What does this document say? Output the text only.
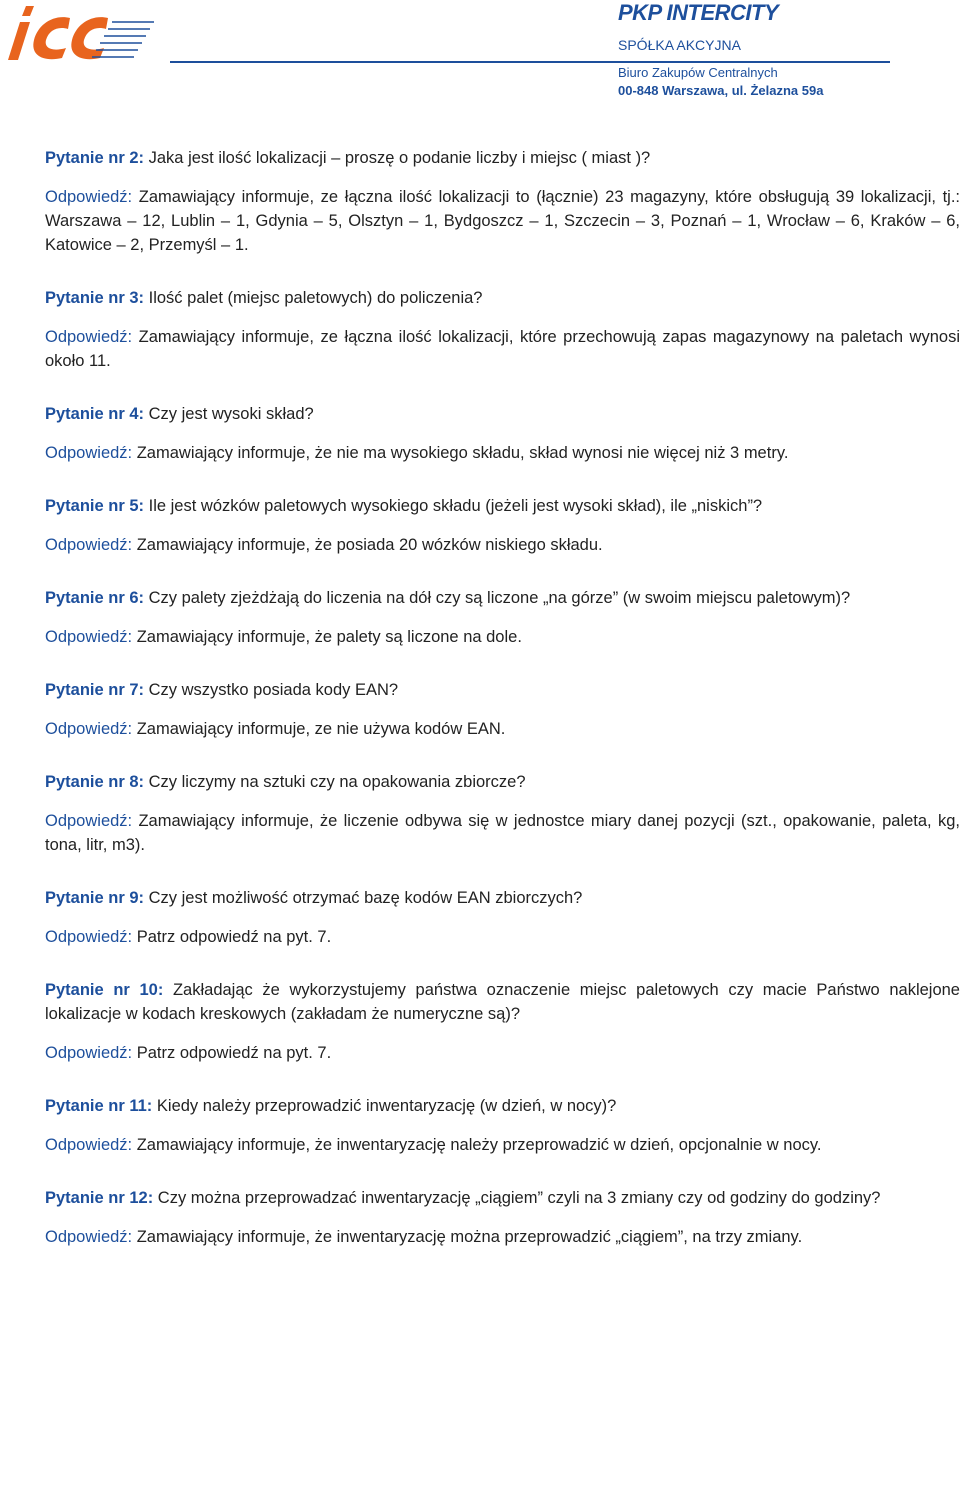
PKP INTERCITY
SPÓŁKA AKCYJNA
Biuro Zakupów Centralnych
00-848 Warszawa, ul. Żelazna 59a

Pytanie nr 2: Jaka jest ilość lokalizacji – proszę o podanie liczby i miejsc ( miast )?

Odpowiedź: Zamawiający informuje, ze łączna ilość lokalizacji to (łącznie) 23 magazyny, które obsługują 39 lokalizacji, tj.: Warszawa – 12, Lublin – 1, Gdynia – 5, Olsztyn – 1, Bydgoszcz – 1, Szczecin – 3, Poznań – 1, Wrocław – 6, Kraków – 6, Katowice – 2, Przemyśl – 1.

Pytanie nr 3: Ilość palet (miejsc paletowych) do policzenia?

Odpowiedź: Zamawiający informuje, ze łączna ilość lokalizacji, które przechowują zapas magazynowy na paletach wynosi około 11.

Pytanie nr 4: Czy jest wysoki skład?

Odpowiedź: Zamawiający informuje, że nie ma wysokiego składu, skład wynosi nie więcej niż 3 metry.

Pytanie nr 5: Ile jest wózków paletowych wysokiego składu (jeżeli jest wysoki skład), ile „niskich”?

Odpowiedź: Zamawiający informuje, że posiada 20 wózków niskiego składu.

Pytanie nr 6: Czy palety zjeżdżają do liczenia na dół czy są liczone „na górze” (w swoim miejscu paletowym)?

Odpowiedź: Zamawiający informuje, że palety są liczone na dole.

Pytanie nr 7: Czy wszystko posiada kody EAN?

Odpowiedź: Zamawiający informuje, ze nie używa kodów EAN.

Pytanie nr 8: Czy liczymy na sztuki czy na opakowania zbiorcze?

Odpowiedź: Zamawiający informuje, że liczenie odbywa się w jednostce miary danej pozycji (szt., opakowanie, paleta, kg, tona, litr, m3).

Pytanie nr 9: Czy jest możliwość otrzymać bazę kodów EAN zbiorczych?

Odpowiedź: Patrz odpowiedź na pyt. 7.

Pytanie nr 10: Zakładając że wykorzystujemy państwa oznaczenie miejsc paletowych czy macie Państwo naklejone lokalizacje w kodach kreskowych (zakładam że numeryczne są)?

Odpowiedź: Patrz odpowiedź na pyt. 7.

Pytanie nr 11: Kiedy należy przeprowadzić inwentaryzację (w dzień, w nocy)?

Odpowiedź: Zamawiający informuje, że inwentaryzację należy przeprowadzić w dzień, opcjonalnie w nocy.

Pytanie nr 12: Czy można przeprowadzać inwentaryzację „ciągiem” czyli na 3 zmiany czy od godziny do godziny?

Odpowiedź: Zamawiający informuje, że inwentaryzację można przeprowadzić „ciągiem”, na trzy zmiany.
